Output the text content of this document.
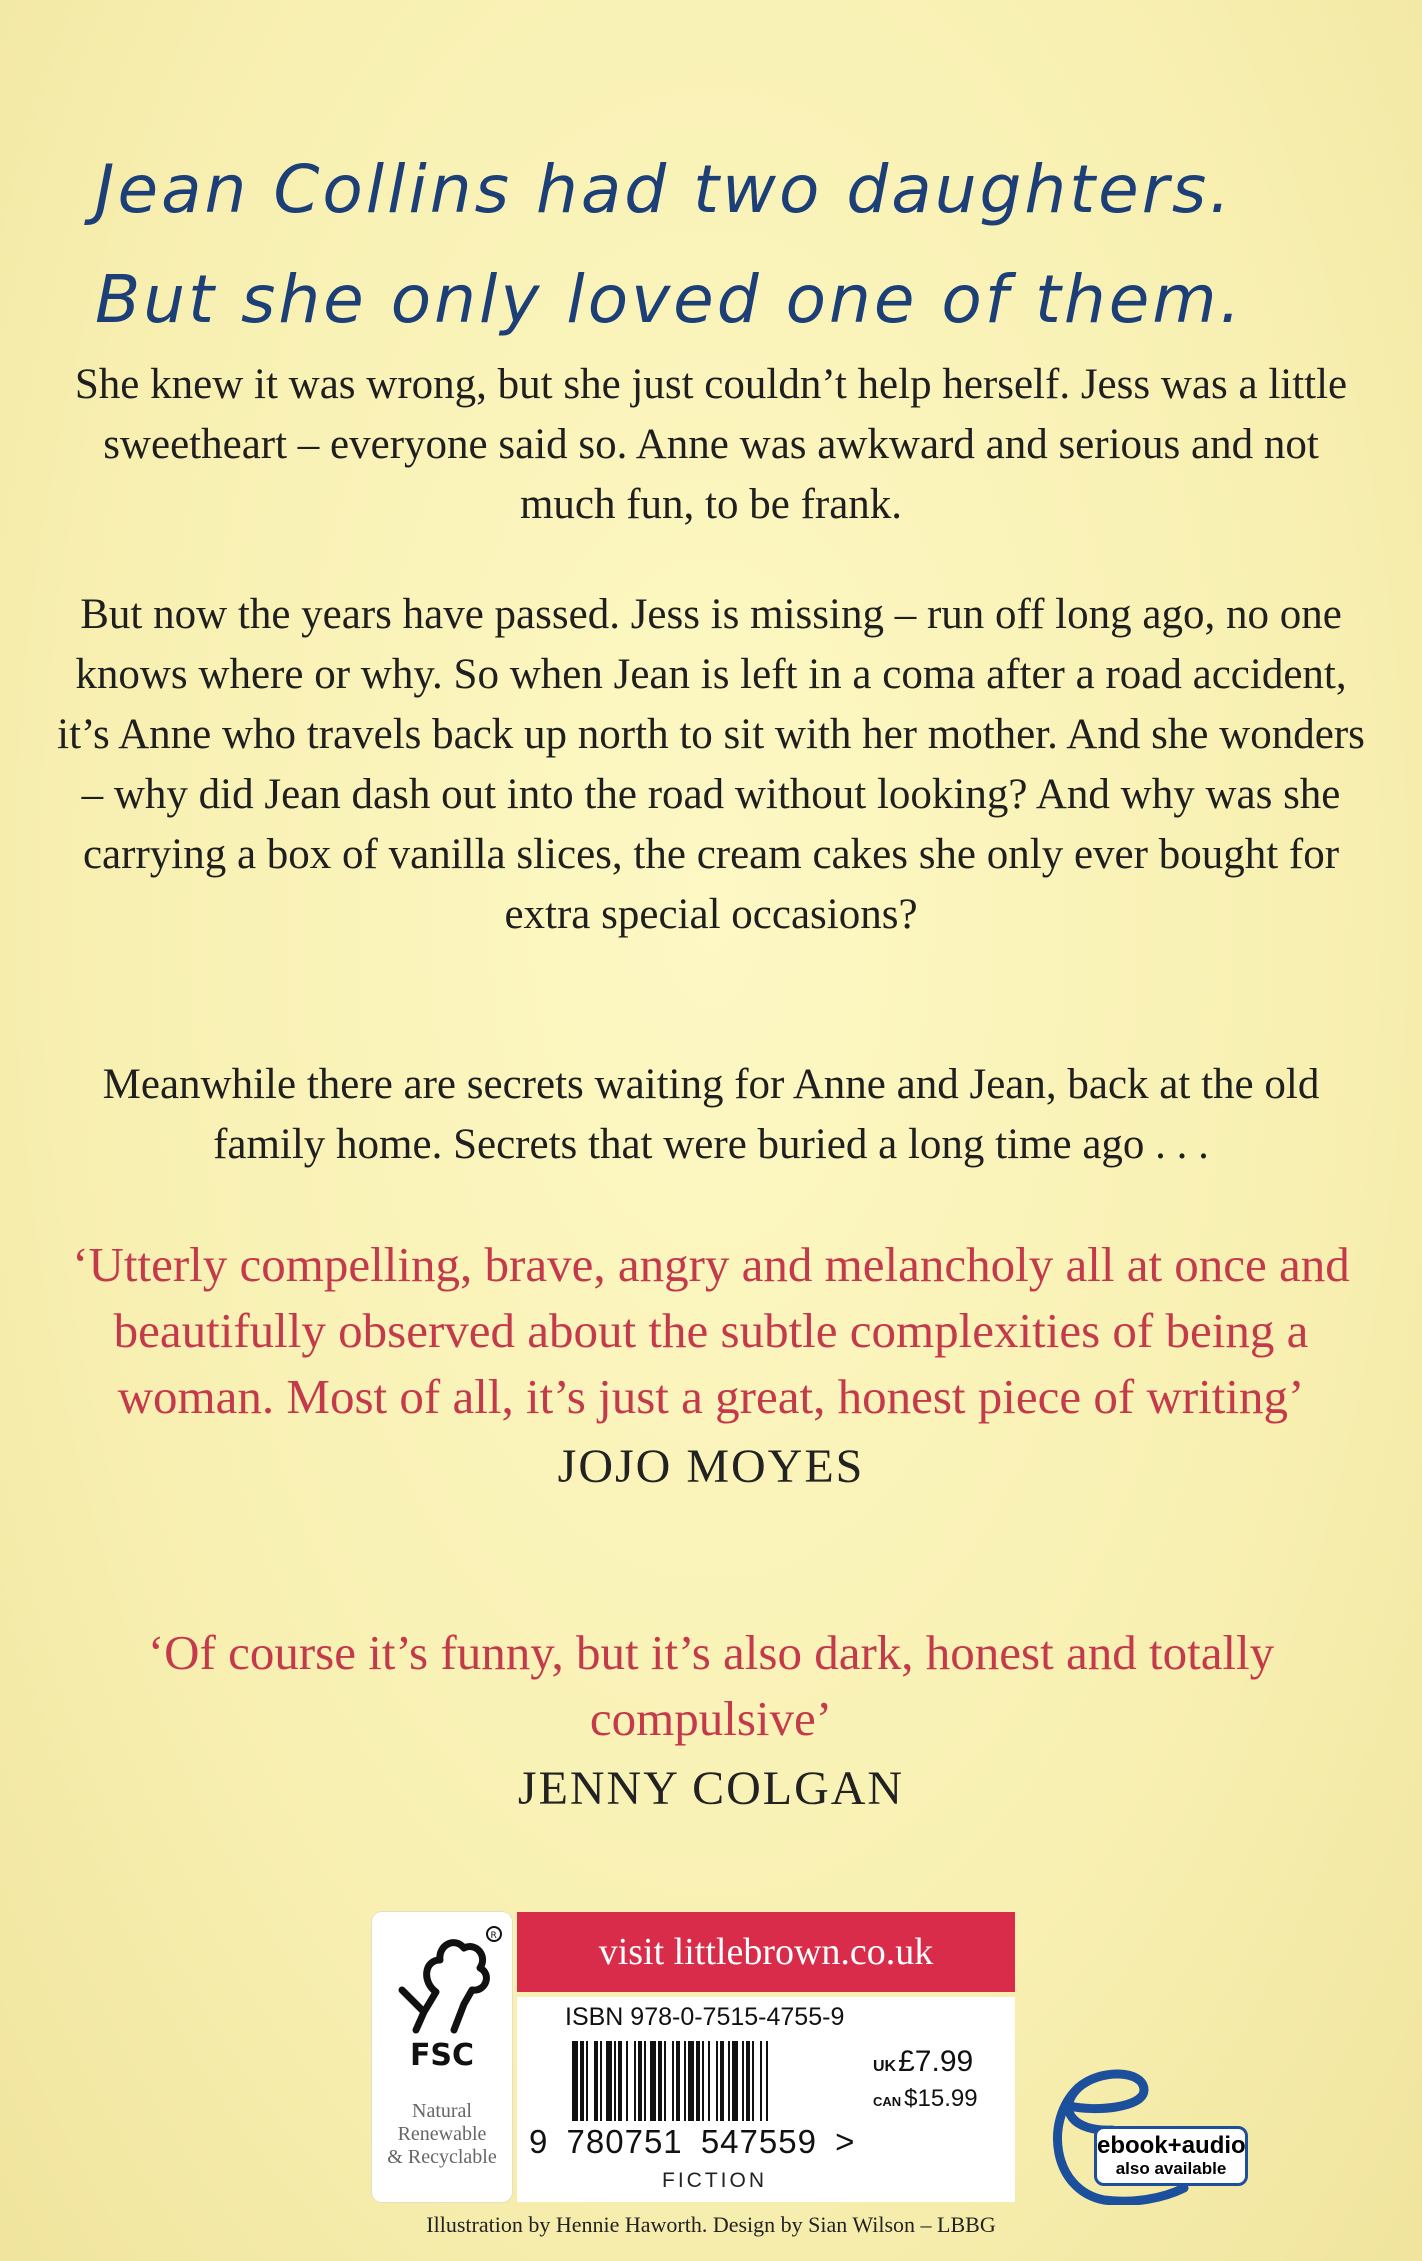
Jean Collins had two daughters.
But she only loved one of them.
She knew it was wrong, but she just couldn’t help herself. Jess was a little sweetheart – everyone said so. Anne was awkward and serious and not much fun, to be frank.
But now the years have passed. Jess is missing – run off long ago, no one knows where or why. So when Jean is left in a coma after a road accident, it’s Anne who travels back up north to sit with her mother. And she wonders – why did Jean dash out into the road without looking? And why was she carrying a box of vanilla slices, the cream cakes she only ever bought for extra special occasions?
Meanwhile there are secrets waiting for Anne and Jean, back at the old family home. Secrets that were buried a long time ago . . .
‘Utterly compelling, brave, angry and melancholy all at once and beautifully observed about the subtle complexities of being a woman. Most of all, it’s just a great, honest piece of writing’
JOJO MOYES
‘Of course it’s funny, but it’s also dark, honest and totally compulsive’
JENNY COLGAN
R
FSC
Natural
Renewable
& Recyclable
visit littlebrown.co.uk
ISBN 978-0-7515-4755-9
9 780751 547559 >
FICTION
UK£7.99
CAN $15.99
ebook+audio
also available
Illustration by Hennie Haworth. Design by Sian Wilson – LBBG
